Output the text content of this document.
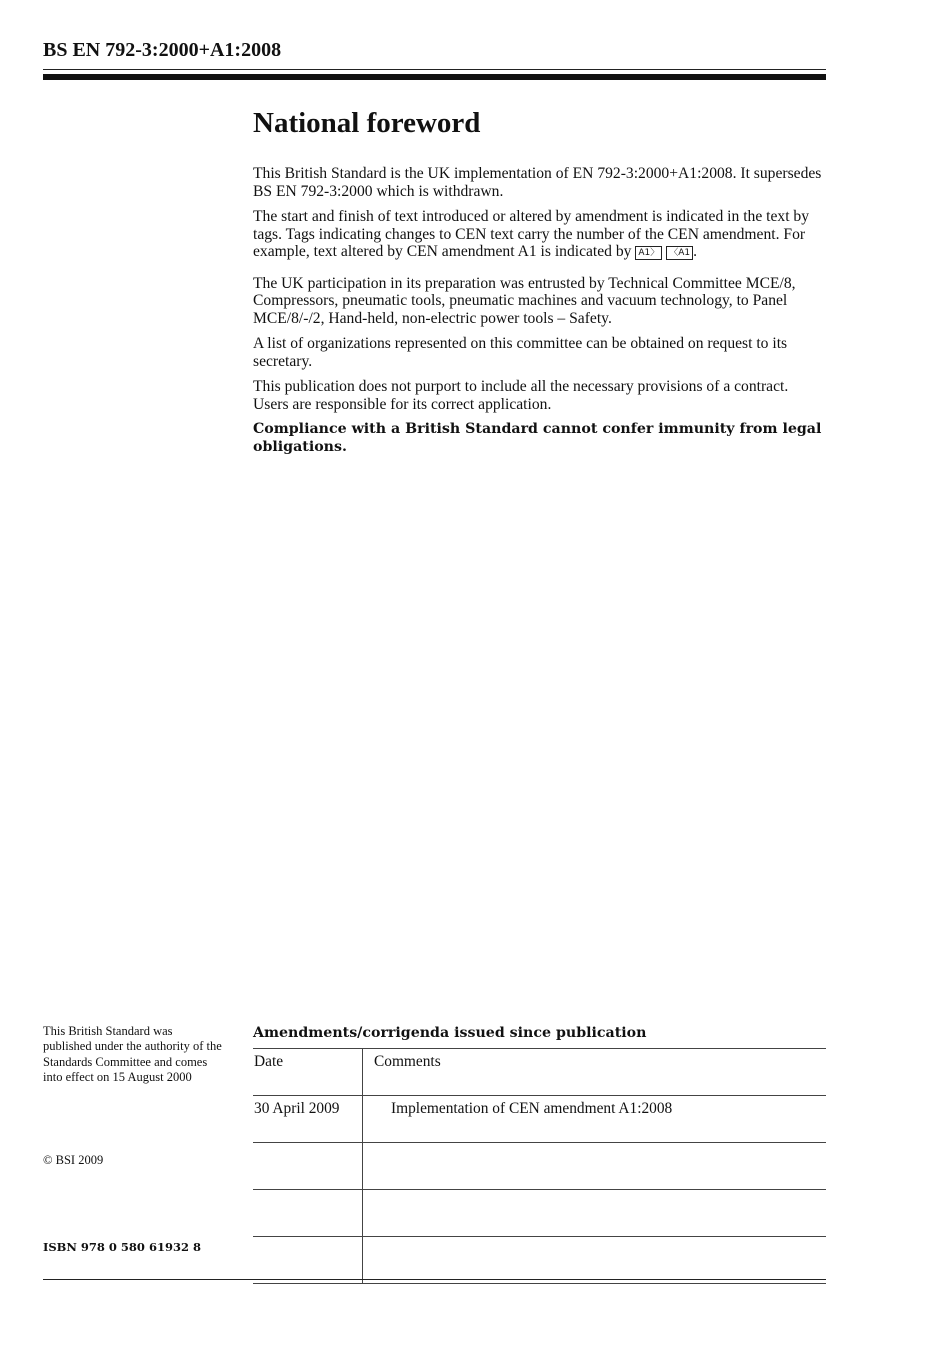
BS EN 792-3:2000+A1:2008
National foreword

This British Standard is the UK implementation of EN 792-3:2000+A1:2008. It supersedes BS EN 792-3:2000 which is withdrawn.

The start and finish of text introduced or altered by amendment is indicated in the text by tags. Tags indicating changes to CEN text carry the number of the CEN amendment. For example, text altered by CEN amendment A1 is indicated by A1〉 〈A1 .

The UK participation in its preparation was entrusted by Technical Committee MCE/8, Compressors, pneumatic tools, pneumatic machines and vacuum technology, to Panel MCE/8/-/2, Hand-held, non-electric power tools – Safety.

A list of organizations represented on this committee can be obtained on request to its secretary.

This publication does not purport to include all the necessary provisions of a contract. Users are responsible for its correct application.

Compliance with a British Standard cannot confer immunity from legal obligations.

This British Standard was published under the authority of the Standards Committee and comes into effect on 15 August 2000
© BSI 2009
ISBN 978 0 580 61932 8
Amendments/corrigenda issued since publication
Date	Comments
30 April 2009	Implementation of CEN amendment A1:2008
